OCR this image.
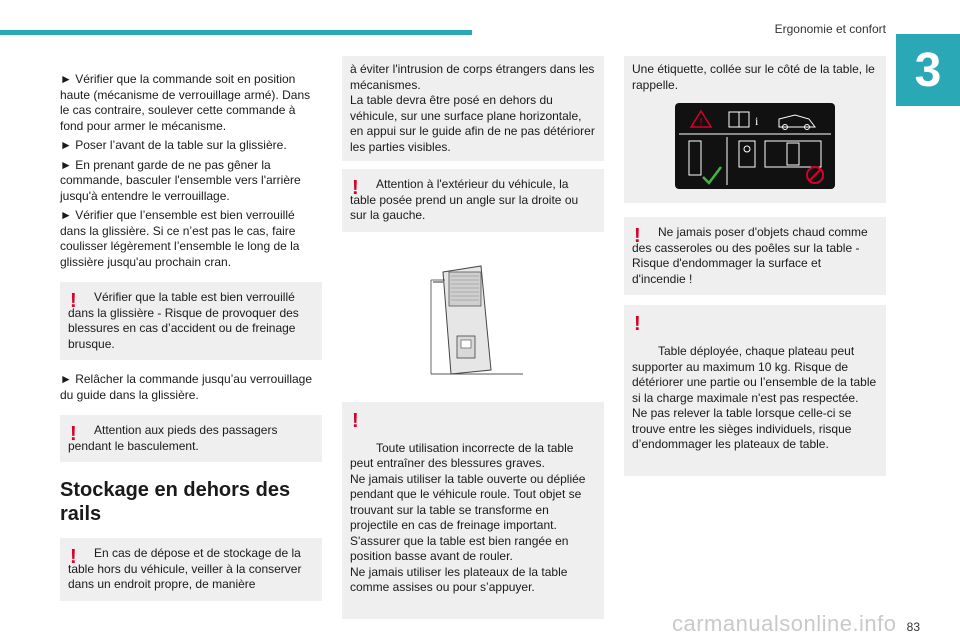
Ergonomie et confort
3

► Vérifier que la commande soit en position haute (mécanisme de verrouillage armé). Dans le cas contraire, soulever cette commande à fond pour armer le mécanisme.

► Poser l’avant de la table sur la glissière.

► En prenant garde de ne pas gêner la commande, basculer l'ensemble vers l'arrière jusqu'à entendre le verrouillage.

► Vérifier que l’ensemble est bien verrouillé dans la glissière. Si ce n’est pas le cas, faire coulisser légèrement l’ensemble le long de la glissière jusqu'au prochain cran.

!	Vérifier que la table est bien verrouillé dans la glissière - Risque de provoquer des blessures en cas d’accident ou de freinage brusque.

► Relâcher la commande jusqu’au verrouillage du guide dans la glissière.

!	Attention aux pieds des passagers pendant le basculement.
Stockage en dehors des rails
!	En cas de dépose et de stockage de la table hors du véhicule, veiller à la conserver dans un endroit propre, de manière
à éviter l'intrusion de corps étrangers dans les mécanismes.
La table devra être posé en dehors du véhicule, sur une surface plane horizontale, en appui sur le guide afin de ne pas détériorer les parties visibles.
!	Attention à l'extérieur du véhicule, la table posée prend un angle sur la droite ou sur la gauche.

!

Toute utilisation incorrecte de la table peut entraîner des blessures graves.
Ne jamais utiliser la table ouverte ou dépliée pendant que le véhicule roule. Tout objet se trouvant sur la table se transforme en projectile en cas de freinage important.
S'assurer que la table est bien rangée en position basse avant de rouler.
Ne jamais utiliser les plateaux de la table comme assises ou pour s’appuyer.

Une étiquette, collée sur le côté de la table, le rappelle.
!	i
!	Ne jamais poser d'objets chaud comme des casseroles ou des poêles sur la table - Risque d'endommager la surface et d'incendie !

!

Table déployée, chaque plateau peut supporter au maximum 10 kg. Risque de détériorer une partie ou l’ensemble de la table si la charge maximale n'est pas respectée.
Ne pas relever la table lorsque celle-ci se trouve entre les sièges individuels, risque d’endommager les plateaux de table.

carmanualsonline.info 83
